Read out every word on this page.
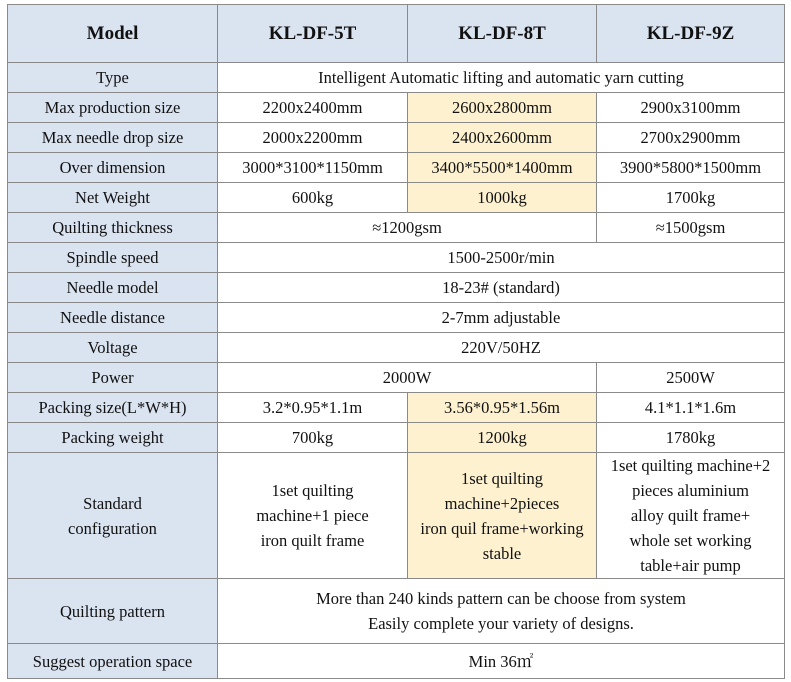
Model	KL-DF-5T	KL-DF-8T	KL-DF-9Z
Type	Intelligent Automatic lifting and automatic yarn cutting		
Max production size	2200x2400mm	2600x2800mm	2900x3100mm
Max needle drop size	2000x2200mm	2400x2600mm	2700x2900mm
Over dimension	3000*3100*1150mm	3400*5500*1400mm	3900*5800*1500mm
Net Weight	600kg	1000kg	1700kg
Quilting thickness	≈1200gsm		≈1500gsm
Spindle speed	1500-2500r/min		
Needle model	18-23# (standard)		
Needle distance	2-7mm adjustable		
Voltage	220V/50HZ		
Power	2000W		2500W
Packing size(L*W*H)	3.2*0.95*1.1m	3.56*0.95*1.56m	4.1*1.1*1.6m
Packing weight	700kg	1200kg	1780kg

Standard
configuration	1set quilting
machine+1 piece
iron quilt frame	1set quilting
machine+2pieces
iron quil frame+working
stable	1set quilting machine+2
pieces aluminium
alloy quilt frame+
whole set working
table+air pump

Quilting pattern	More than 240 kinds pattern can be choose from system
Easily complete your variety of designs.		

Suggest operation space	Min 36㎡		
